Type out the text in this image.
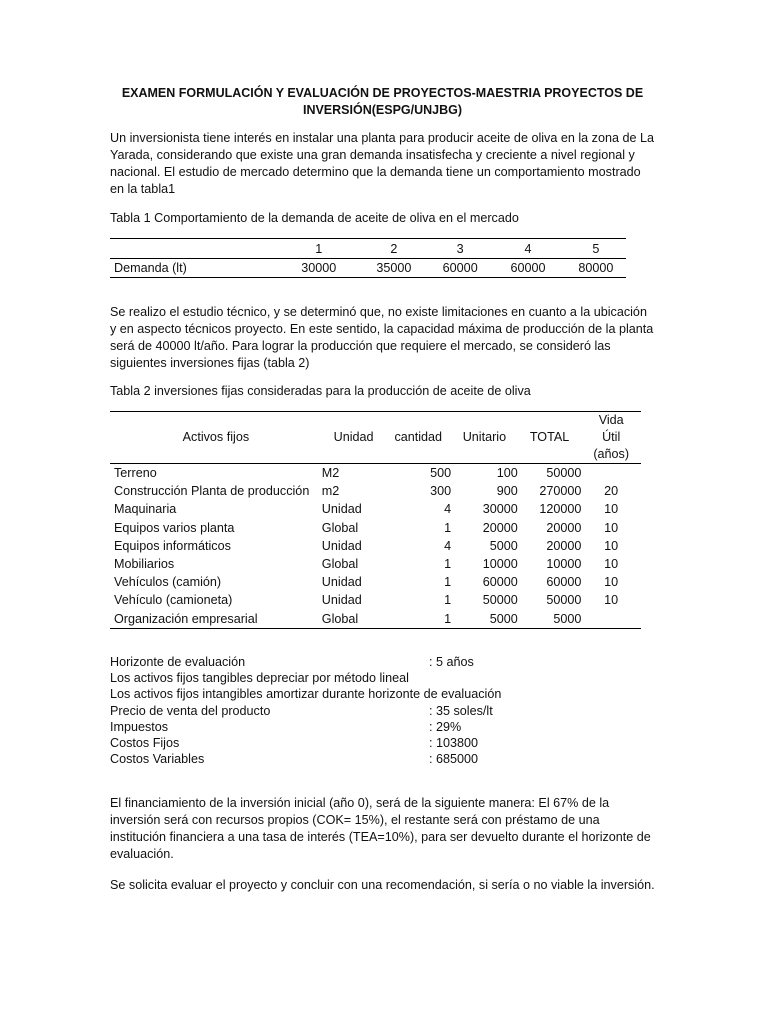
EXAMEN FORMULACIÓN Y EVALUACIÓN DE PROYECTOS-MAESTRIA PROYECTOS DE INVERSIÓN(ESPG/UNJBG)
Un inversionista tiene interés en instalar una planta para producir aceite de oliva en la zona de La Yarada, considerando que existe una gran demanda insatisfecha y creciente a nivel regional y nacional. El estudio de mercado determino que la demanda tiene un comportamiento mostrado en la tabla1
Tabla 1 Comportamiento de la demanda de aceite de oliva en el mercado
	1	2	3	4	5
Demanda (lt)	30000	35000	60000	60000	80000
Se realizo el estudio técnico, y se determinó que, no existe limitaciones en cuanto a la ubicación y en aspecto técnicos proyecto. En este sentido, la capacidad máxima de producción de la planta será de 40000 lt/año. Para lograr la producción que requiere el mercado, se consideró las siguientes inversiones fijas (tabla 2)
Tabla 2 inversiones fijas consideradas para la producción de aceite de oliva
Activos fijos	Unidad	cantidad	Unitario	TOTAL	Vida
Útil
(años)

Terreno	M2	500	100	50000	
Construcción Planta de producción	m2	300	900	270000	20
Maquinaria	Unidad	4	30000	120000	10
Equipos varios planta	Global	1	20000	20000	10
Equipos informáticos	Unidad	4	5000	20000	10
Mobiliarios	Global	1	10000	10000	10
Vehículos (camión)	Unidad	1	60000	60000	10
Vehículo (camioneta)	Unidad	1	50000	50000	10
Organización empresarial	Global	1	5000	5000	
Horizonte de evaluación	: 5 años
Los activos fijos tangibles depreciar por método lineal
Los activos fijos intangibles amortizar durante horizonte de evaluación
Precio de venta del producto	: 35 soles/lt
Impuestos	: 29%
Costos Fijos	: 103800
Costos Variables	: 685000
El financiamiento de la inversión inicial (año 0), será de la siguiente manera: El 67% de la inversión será con recursos propios (COK= 15%), el restante será con préstamo de una institución financiera a una tasa de interés (TEA=10%), para ser devuelto durante el horizonte de evaluación.
Se solicita evaluar el proyecto y concluir con una recomendación, si sería o no viable la inversión.
